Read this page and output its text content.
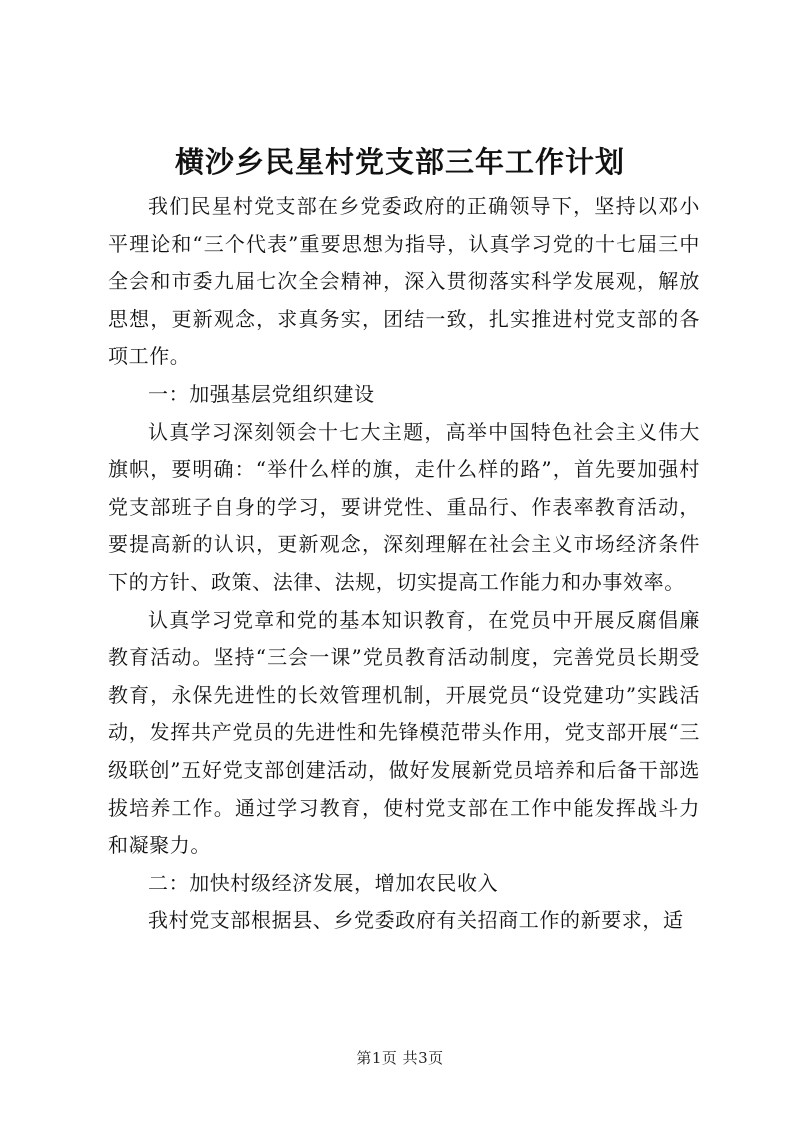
横沙乡民星村党支部三年工作计划

我们民星村党支部在乡党委政府的正确领导下，坚持以邓小平理论和“三个代表”重要思想为指导，认真学习党的十七届三中全会和市委九届七次全会精神，深入贯彻落实科学发展观，解放思想，更新观念，求真务实，团结一致，扎实推进村党支部的各项工作。

一：加强基层党组织建设

认真学习深刻领会十七大主题，高举中国特色社会主义伟大旗帜，要明确：“举什么样的旗，走什么样的路”，首先要加强村党支部班子自身的学习，要讲党性、重品行、作表率教育活动，要提高新的认识，更新观念，深刻理解在社会主义市场经济条件下的方针、政策、法律、法规，切实提高工作能力和办事效率。

认真学习党章和党的基本知识教育，在党员中开展反腐倡廉教育活动。坚持“三会一课”党员教育活动制度，完善党员长期受教育，永保先进性的长效管理机制，开展党员“设党建功”实践活动，发挥共产党员的先进性和先锋模范带头作用，党支部开展“三级联创”五好党支部创建活动，做好发展新党员培养和后备干部选拔培养工作。通过学习教育，使村党支部在工作中能发挥战斗力和凝聚力。

二：加快村级经济发展，增加农民收入

我村党支部根据县、乡党委政府有关招商工作的新要求，适

第1页 共3页
